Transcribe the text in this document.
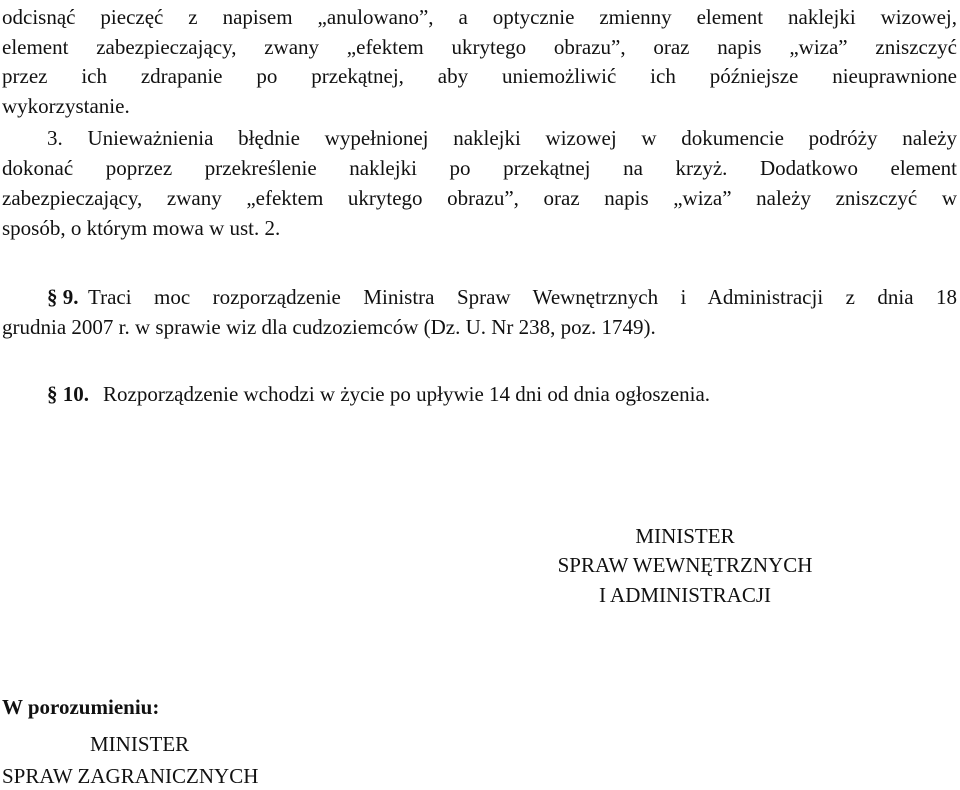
odcisnąć pieczęć z napisem „anulowano”, a optycznie zmienny element naklejki wizowej,
element zabezpieczający, zwany „efektem ukrytego obrazu”, oraz napis „wiza” zniszczyć
przez ich zdrapanie po przekątnej, aby uniemożliwić ich późniejsze nieuprawnione
wykorzystanie.
3. Unieważnienia błędnie wypełnionej naklejki wizowej w dokumencie podróży należy
dokonać poprzez przekreślenie naklejki po przekątnej na krzyż. Dodatkowo element
zabezpieczający, zwany „efektem ukrytego obrazu”, oraz napis „wiza” należy zniszczyć w
sposób, o którym mowa w ust. 2.
§ 9. Traci moc rozporządzenie Ministra Spraw Wewnętrznych i Administracji z dnia 18
grudnia 2007 r. w sprawie wiz dla cudzoziemców (Dz. U. Nr 238, poz. 1749).
§ 10. Rozporządzenie wchodzi w życie po upływie 14 dni od dnia ogłoszenia.
MINISTER
SPRAW WEWNĘTRZNYCH
I ADMINISTRACJI
W porozumieniu:
MINISTER
SPRAW ZAGRANICZNYCH
